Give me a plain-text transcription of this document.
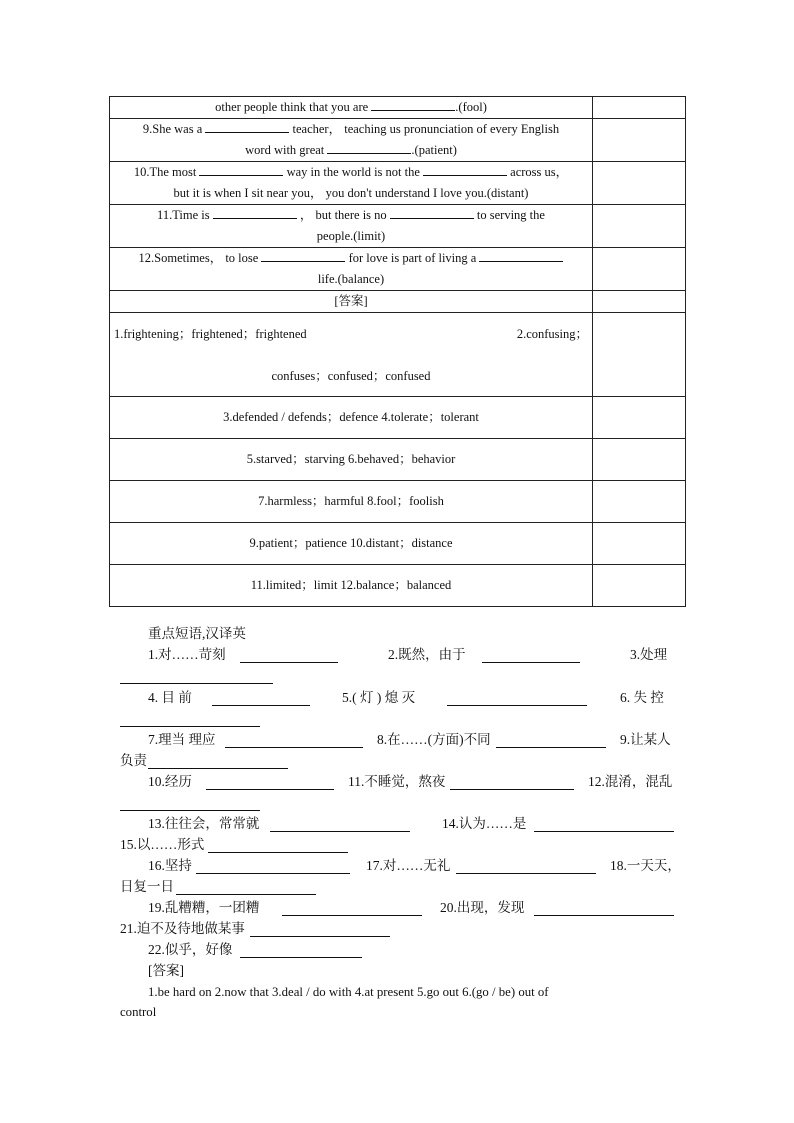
other people think that you are .(fool)	

9.She was a teacher， teaching us pronunciation of every English
word with great .(patient)	

10.The most way in the world is not the across us，
but it is when I sit near you， you don't understand I love you.(distant)	

11.Time is ， but there is no to serving the
people.(limit)	

12.Sometimes， to lose for love is part of living a
life.(balance)	

[答案]	

1.frightening；frightened；frightened 2.confusing；
confuses；confused；confused	

3.defended / defends；defence 4.tolerate；tolerant	
5.starved；starving 6.behaved；behavior	
7.harmless；harmful 8.fool；foolish	
9.patient；patience 10.distant；distance	
11.limited；limit 12.balance；balanced	
重点短语,汉译英
1.对……苛刻	2.既然，由于	3.处理
4. 目 前	5.( 灯 ) 熄 灭	6. 失 控
7.理当 理应	8.在……(方面)不同	9.让某人
负责
10.经历	11.不睡觉，熬夜	12.混淆，混乱
13.往往会，常常就	14.认为……是
15.以……形式
16.坚持	17.对……无礼	18.一天天，
日复一日
19.乱糟糟，一团糟	20.出现，发现
21.迫不及待地做某事
22.似乎，好像
[答案]
1.be hard on 2.now that 3.deal / do with 4.at present 5.go out 6.(go / be) out of
control
